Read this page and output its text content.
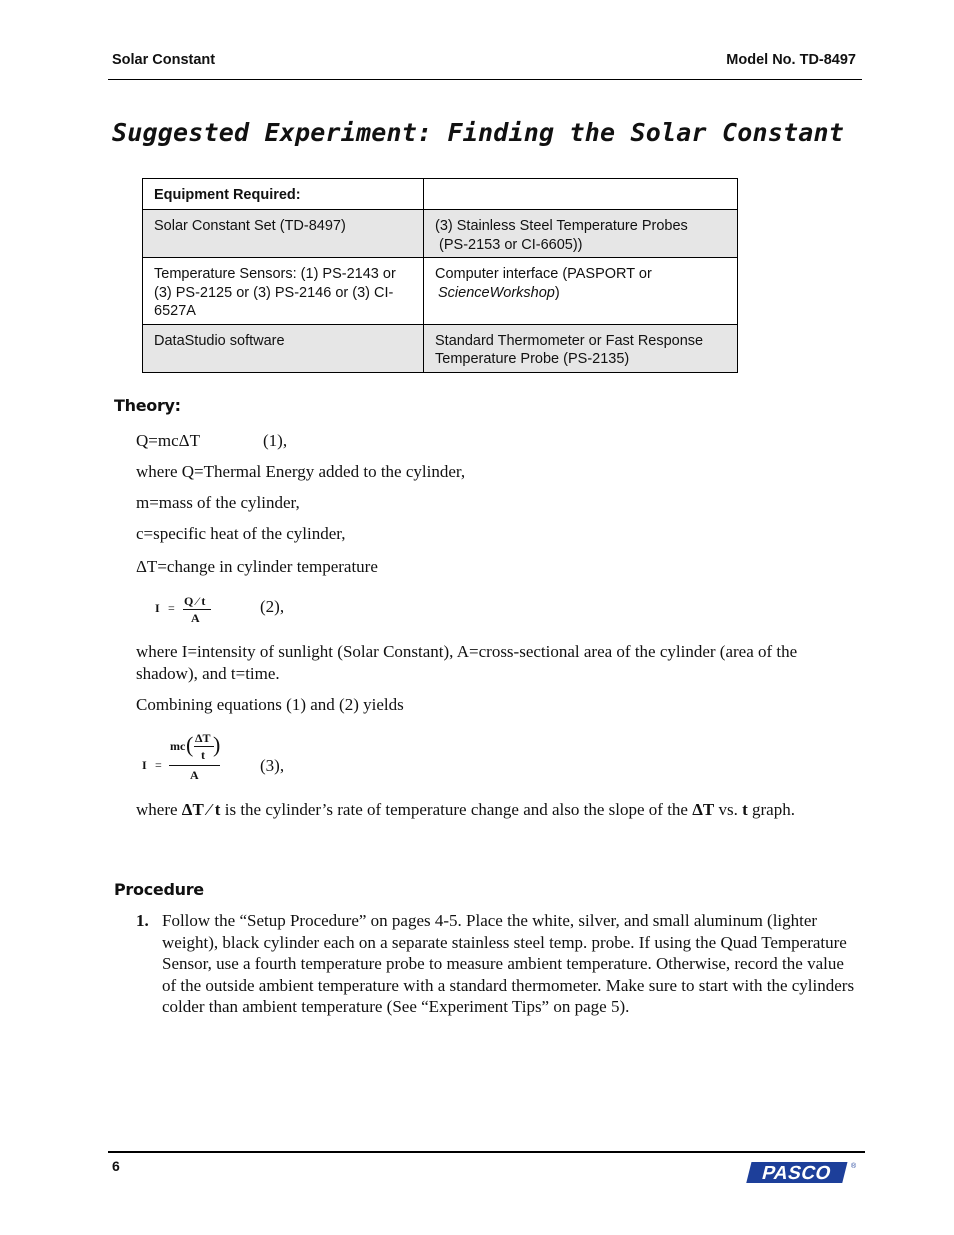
Solar Constant	Model No. TD-8497
Suggested Experiment: Finding the Solar Constant
Equipment Required:	
Solar Constant Set (TD-8497)	(3) Stainless Steel Temperature Probes
(PS-2153 or CI-6605))
Temperature Sensors: (1) PS-2143 or (3) PS-2125 or (3) PS-2146 or (3) CI-6527A	Computer interface (PASPORT or
ScienceWorkshop)
DataStudio software	Standard Thermometer or Fast Response Temperature Probe (PS-2135)
Theory:
Q=mcΔT	(1),
where Q=Thermal Energy added to the cylinder,
m=mass of the cylinder,
c=specific heat of the cylinder,
ΔT=change in cylinder temperature
I = Q ⁄ t
A
(2),
where I=intensity of sunlight (Solar Constant), A=cross-sectional area of the cylinder (area of the shadow), and t=time.
Combining equations (1) and (2) yields
I =
mc ( ΔT
t )
A	(3),
where ΔT ⁄ t is the cylinder’s rate of temperature change and also the slope of the ΔT vs. t graph.
Procedure
1. Follow the “Setup Procedure” on pages 4-5. Place the white, silver, and small aluminum (lighter weight), black cylinder each on a separate stainless steel temp. probe. If using the Quad Temperature Sensor, use a fourth temperature probe to measure ambient temperature. Otherwise, record the value of the outside ambient temperature with a standard thermometer. Make sure to start with the cylinders colder than ambient temperature (See “Experiment Tips” on page 5).
6	PASCO ®
